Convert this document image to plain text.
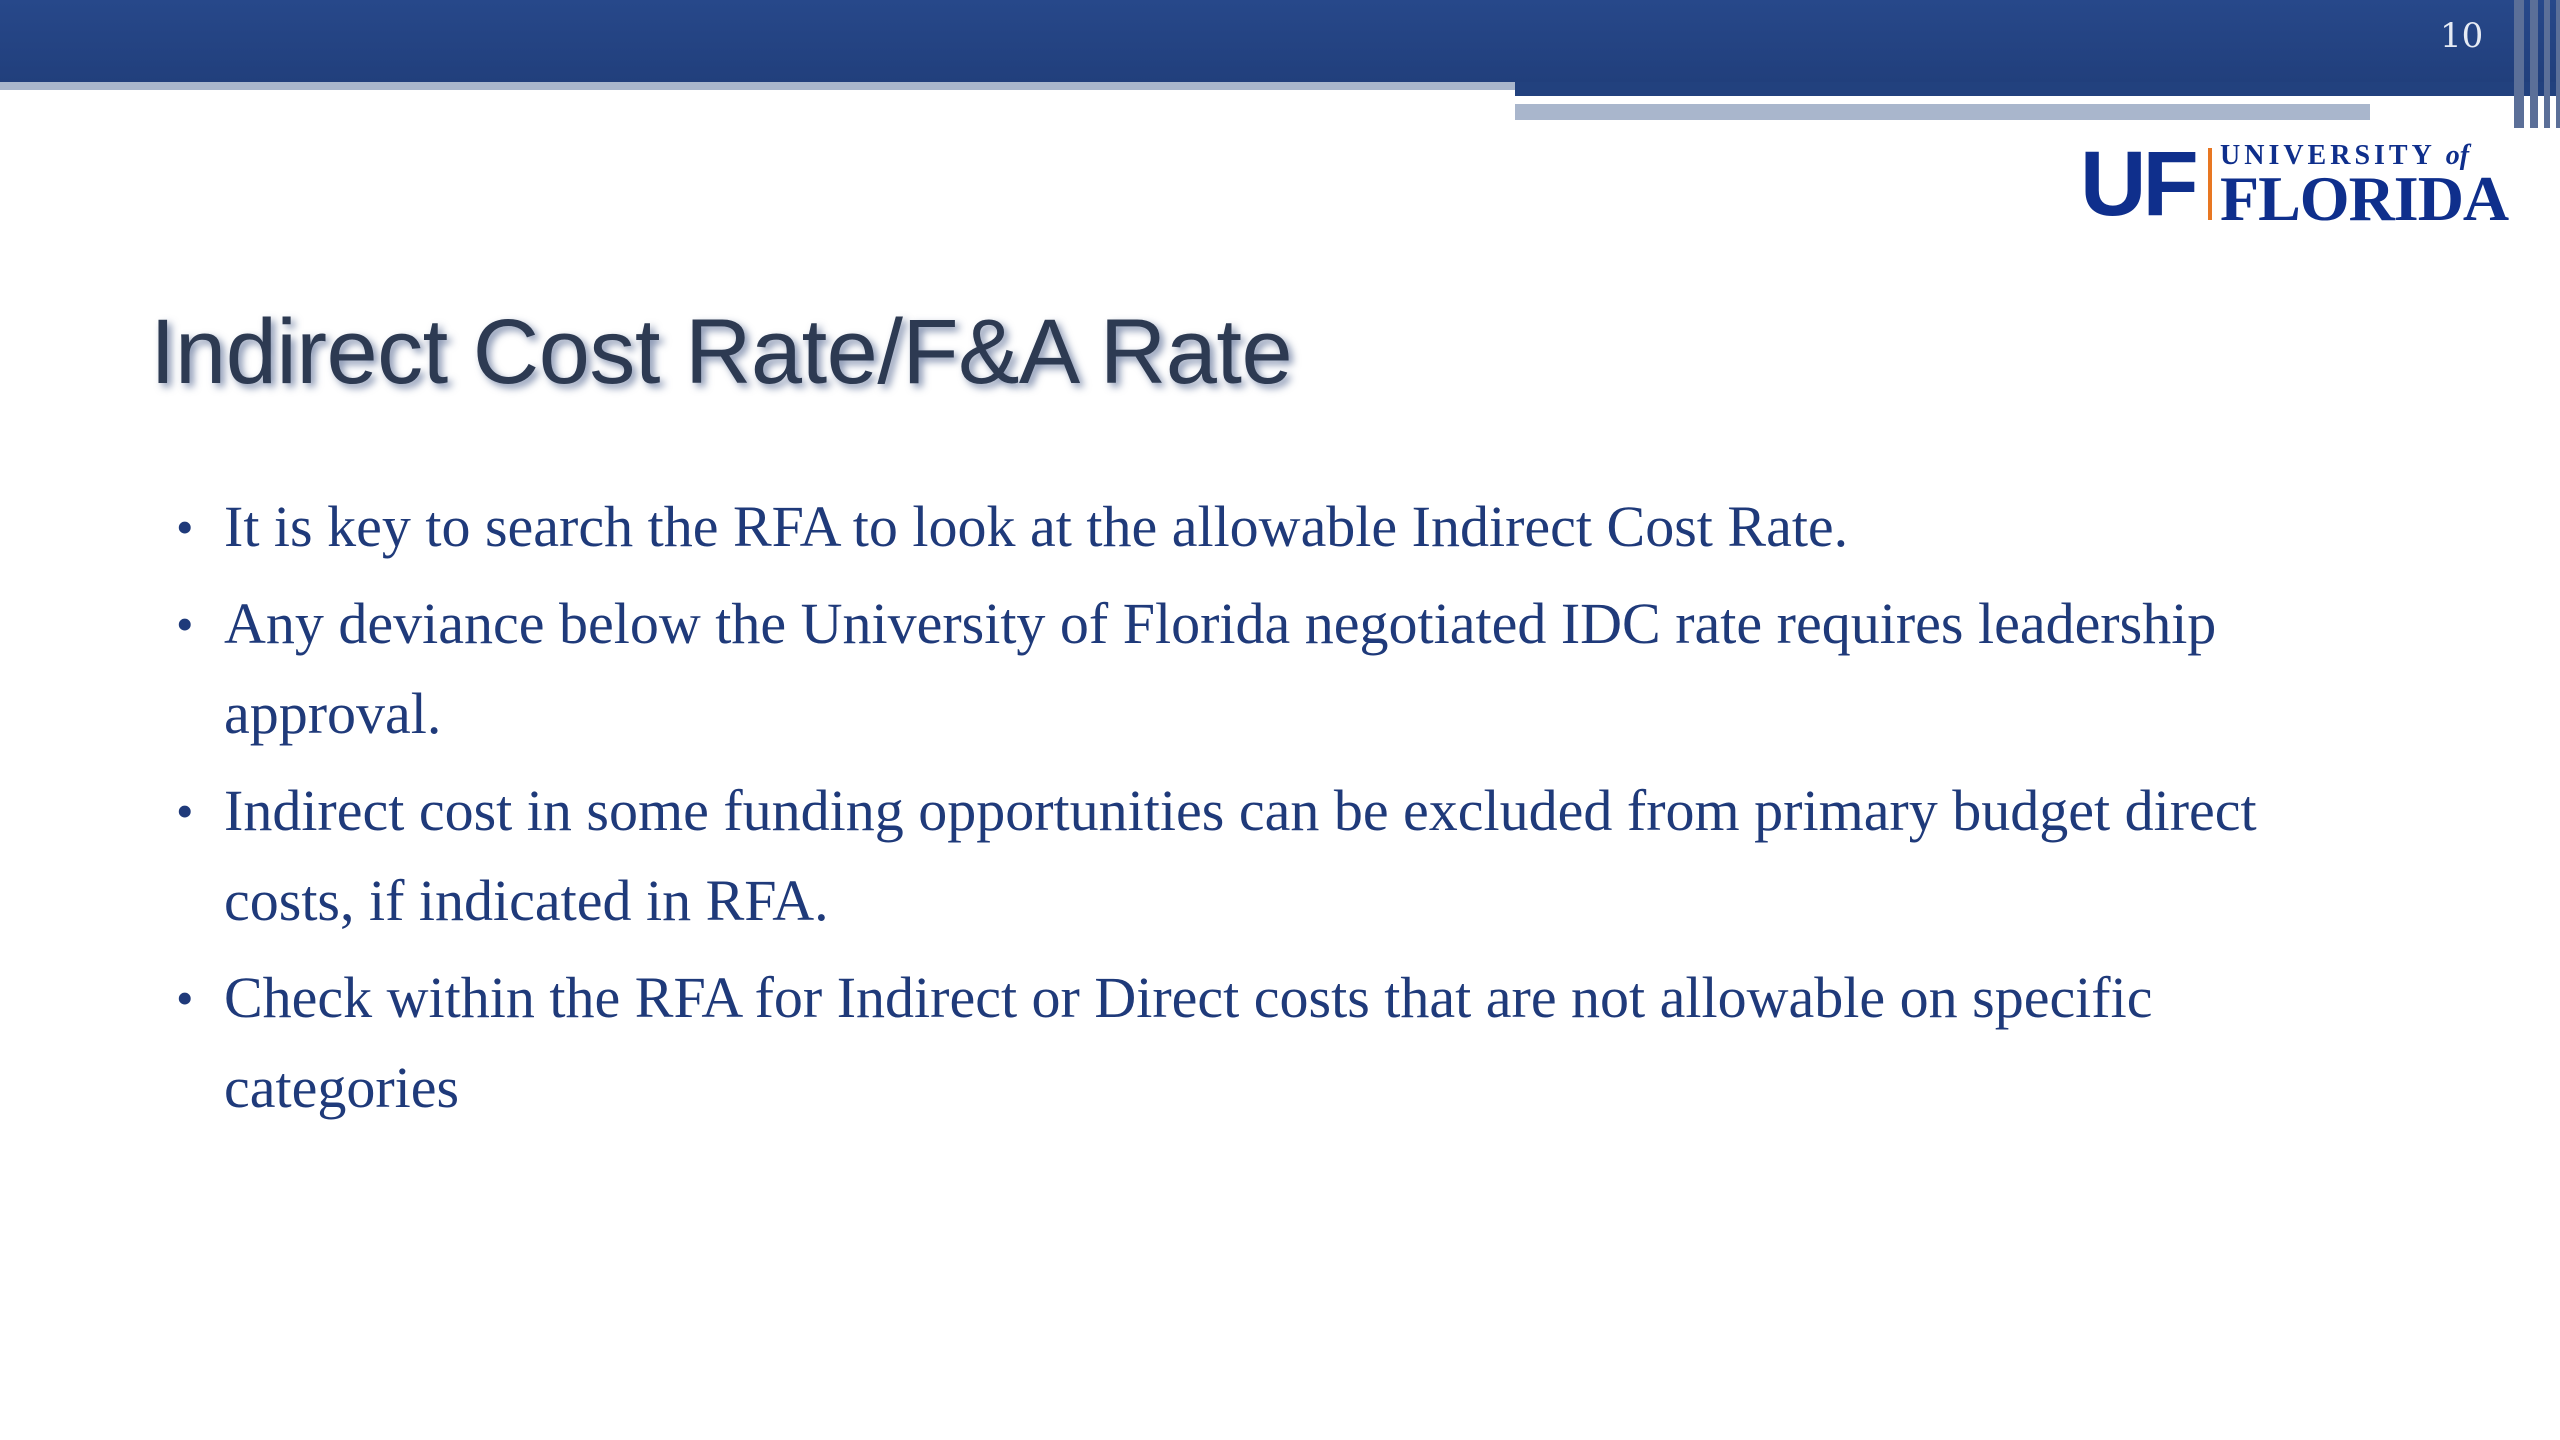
10
UF UNIVERSITY of
FLORIDA
Indirect Cost Rate/F&A Rate
• It is key to search the RFA to look at the allowable Indirect Cost Rate.
• Any deviance below the University of Florida negotiated IDC rate requires leadership approval.
• Indirect cost in some funding opportunities can be excluded from primary budget direct costs, if indicated in RFA.
• Check within the RFA for Indirect or Direct costs that are not allowable on specific categories
